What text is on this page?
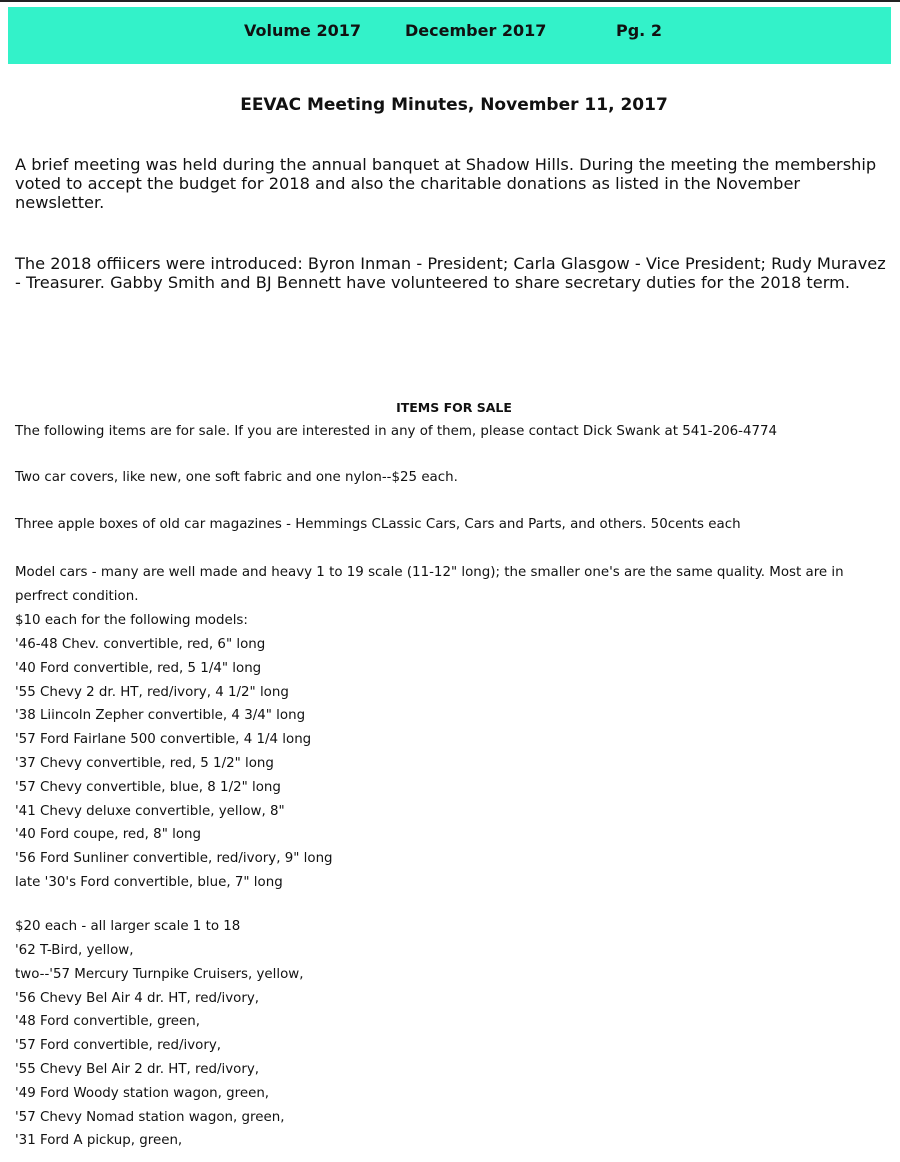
Volume 2017	December 2017	Pg. 2
EEVAC Meeting Minutes, November 11, 2017
A brief meeting was held during the annual banquet at Shadow Hills. During the meeting the membership voted to accept the budget for 2018 and also the charitable donations as listed in the November newsletter.
The 2018 offiicers were introduced: Byron Inman - President; Carla Glasgow - Vice President; Rudy Muravez - Treasurer. Gabby Smith and BJ Bennett have volunteered to share secretary duties for the 2018 term.
ITEMS FOR SALE
The following items are for sale. If you are interested in any of them, please contact Dick Swank at 541-206-4774
Two car covers, like new, one soft fabric and one nylon--$25 each.
Three apple boxes of old car magazines - Hemmings CLassic Cars, Cars and Parts, and others. 50cents each
Model cars - many are well made and heavy 1 to 19 scale (11-12" long); the smaller one's are the same quality. Most are in
perfrect condition.
$10 each for the following models:
'46-48 Chev. convertible, red, 6" long
'40 Ford convertible, red, 5 1/4" long
'55 Chevy 2 dr. HT, red/ivory, 4 1/2" long
'38 Liincoln Zepher convertible, 4 3/4" long
'57 Ford Fairlane 500 convertible, 4 1/4 long
'37 Chevy convertible, red, 5 1/2" long
'57 Chevy convertible, blue, 8 1/2" long
'41 Chevy deluxe convertible, yellow, 8"
'40 Ford coupe, red, 8" long
'56 Ford Sunliner convertible, red/ivory, 9" long
late '30's Ford convertible, blue, 7" long
$20 each - all larger scale 1 to 18
'62 T-Bird, yellow,
two--'57 Mercury Turnpike Cruisers, yellow,
'56 Chevy Bel Air 4 dr. HT, red/ivory,
'48 Ford convertible, green,
'57 Ford convertible, red/ivory,
'55 Chevy Bel Air 2 dr. HT, red/ivory,
'49 Ford Woody station wagon, green,
'57 Chevy Nomad station wagon, green,
'31 Ford A pickup, green,
